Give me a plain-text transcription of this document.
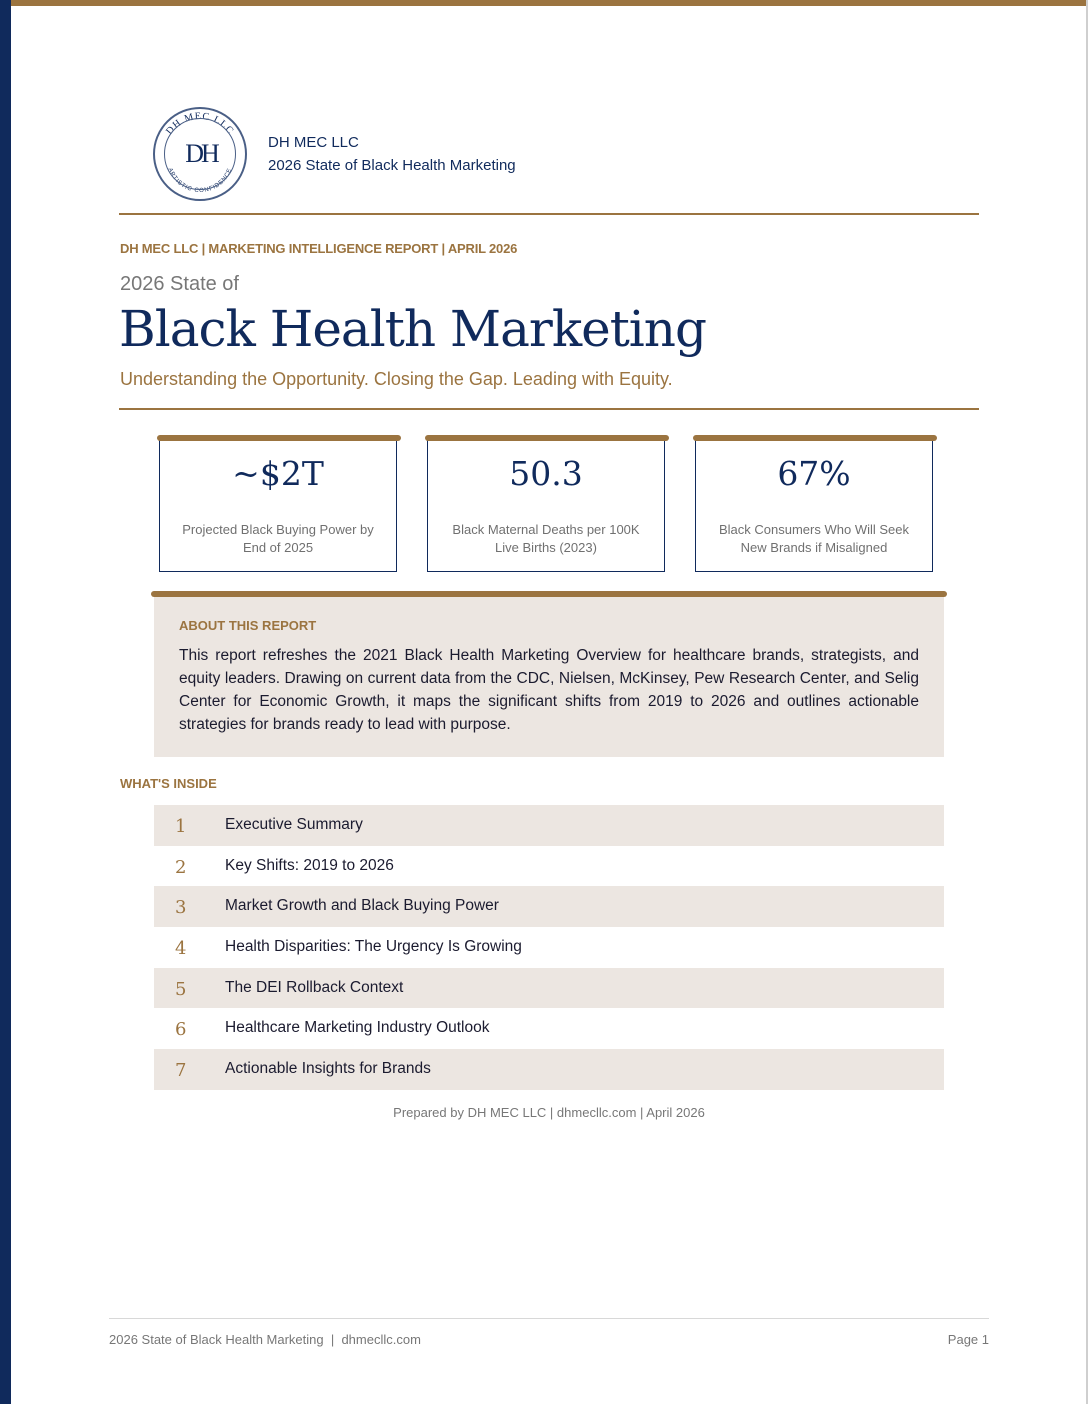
DH MEC LLC
ARTISTIC CONFIDENCE
DH	DH MEC LLC
2026 State of Black Health Marketing
DH MEC LLC | MARKETING INTELLIGENCE REPORT | APRIL 2026
2026 State of
Black Health Marketing
Understanding the Opportunity. Closing the Gap. Leading with Equity.
~$2T
Projected Black Buying Power by End of 2025
50.3
Black Maternal Deaths per 100K Live Births (2023)
67%
Black Consumers Who Will Seek New Brands if Misaligned
ABOUT THIS REPORT
This report refreshes the 2021 Black Health Marketing Overview for healthcare brands, strategists, and equity leaders. Drawing on current data from the CDC, Nielsen, McKinsey, Pew Research Center, and Selig Center for Economic Growth, it maps the significant shifts from 2019 to 2026 and outlines actionable strategies for brands ready to lead with purpose.
WHAT'S INSIDE
1 Executive Summary
2 Key Shifts: 2019 to 2026
3 Market Growth and Black Buying Power
4 Health Disparities: The Urgency Is Growing
5 The DEI Rollback Context
6 Healthcare Marketing Industry Outlook
7 Actionable Insights for Brands
Prepared by DH MEC LLC | dhmecllc.com | April 2026
2026 State of Black Health Marketing  |  dhmecllc.com	Page 1
